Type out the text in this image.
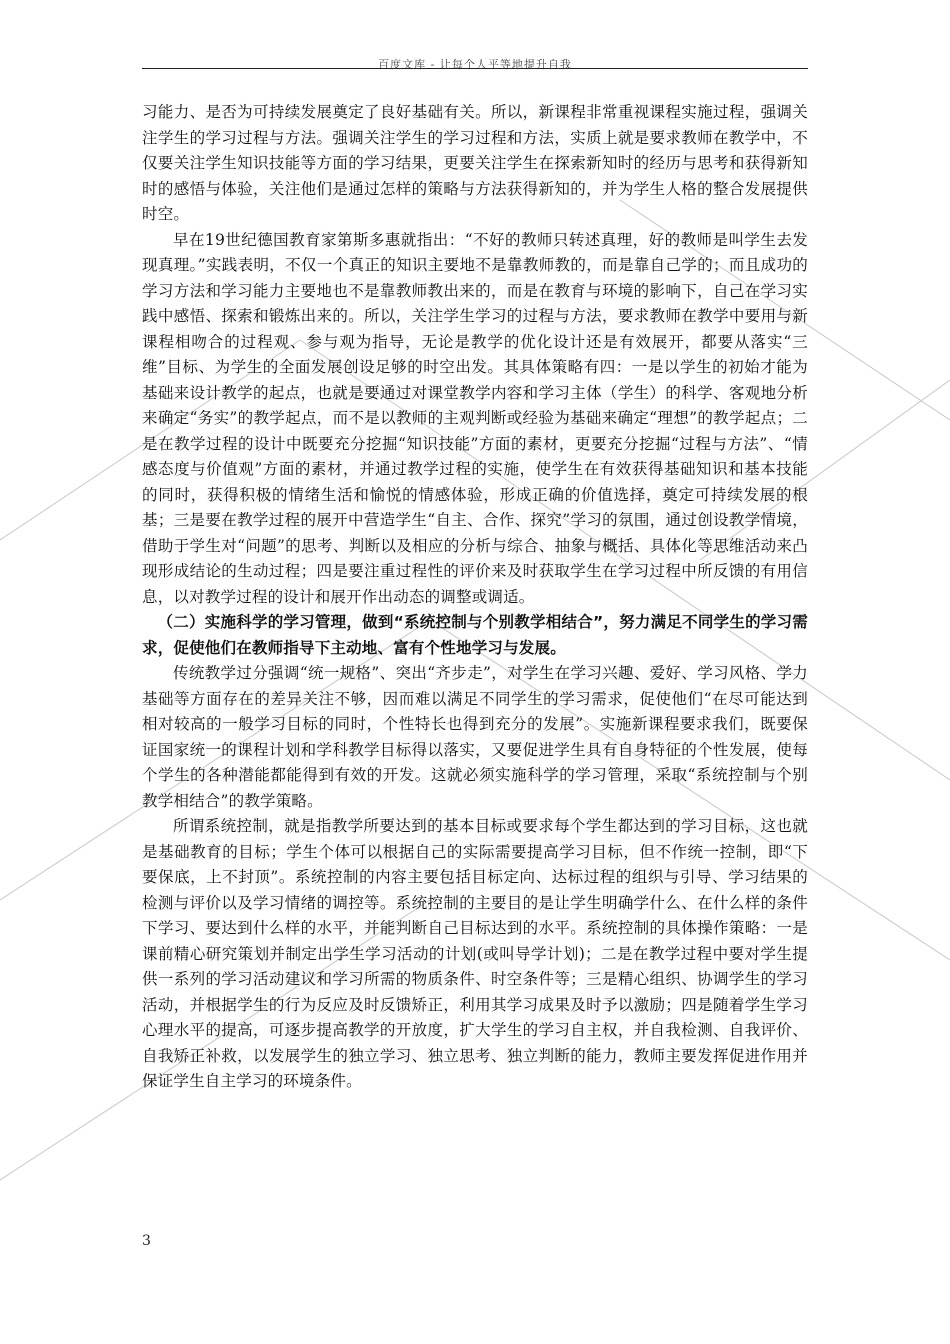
百度文库 - 让每个人平等地提升自我

习能力、是否为可持续发展奠定了良好基础有关。所以，新课程非常重视课程实施过程，强调关注学生的学习过程与方法。强调关注学生的学习过程和方法，实质上就是要求教师在教学中，不仅要关注学生知识技能等方面的学习结果，更要关注学生在探索新知时的经历与思考和获得新知时的感悟与体验，关注他们是通过怎样的策略与方法获得新知的，并为学生人格的整合发展提供时空。

早在19世纪德国教育家第斯多惠就指出：“不好的教师只转述真理，好的教师是叫学生去发现真理。”实践表明，不仅一个真正的知识主要地不是靠教师教的，而是靠自己学的；而且成功的学习方法和学习能力主要地也不是靠教师教出来的，而是在教育与环境的影响下，自己在学习实践中感悟、探索和锻炼出来的。所以，关注学生学习的过程与方法，要求教师在教学中要用与新课程相吻合的过程观、参与观为指导，无论是教学的优化设计还是有效展开，都要从落实“三维”目标、为学生的全面发展创设足够的时空出发。其具体策略有四：一是以学生的初始才能为基础来设计教学的起点，也就是要通过对课堂教学内容和学习主体（学生）的科学、客观地分析来确定“务实”的教学起点，而不是以教师的主观判断或经验为基础来确定“理想”的教学起点；二是在教学过程的设计中既要充分挖掘“知识技能”方面的素材，更要充分挖掘“过程与方法”、“情感态度与价值观”方面的素材，并通过教学过程的实施，使学生在有效获得基础知识和基本技能的同时，获得积极的情绪生活和愉悦的情感体验，形成正确的价值选择，奠定可持续发展的根基；三是要在教学过程的展开中营造学生“自主、合作、探究”学习的氛围，通过创设教学情境，借助于学生对“问题”的思考、判断以及相应的分析与综合、抽象与概括、具体化等思维活动来凸现形成结论的生动过程；四是要注重过程性的评价来及时获取学生在学习过程中所反馈的有用信息，以对教学过程的设计和展开作出动态的调整或调适。

（二）实施科学的学习管理，做到“系统控制与个别教学相结合”，努力满足不同学生的学习需求，促使他们在教师指导下主动地、富有个性地学习与发展。

传统教学过分强调“统一规格”、突出“齐步走”，对学生在学习兴趣、爱好、学习风格、学力基础等方面存在的差异关注不够，因而难以满足不同学生的学习需求，促使他们“在尽可能达到相对较高的一般学习目标的同时，个性特长也得到充分的发展”。实施新课程要求我们，既要保证国家统一的课程计划和学科教学目标得以落实，又要促进学生具有自身特征的个性发展，使每个学生的各种潜能都能得到有效的开发。这就必须实施科学的学习管理，采取“系统控制与个别教学相结合”的教学策略。

所谓系统控制，就是指教学所要达到的基本目标或要求每个学生都达到的学习目标，这也就是基础教育的目标；学生个体可以根据自己的实际需要提高学习目标，但不作统一控制，即“下要保底，上不封顶”。系统控制的内容主要包括目标定向、达标过程的组织与引导、学习结果的检测与评价以及学习情绪的调控等。系统控制的主要目的是让学生明确学什么、在什么样的条件下学习、要达到什么样的水平，并能判断自己目标达到的水平。系统控制的具体操作策略：一是课前精心研究策划并制定出学生学习活动的计划(或叫导学计划)；二是在教学过程中要对学生提供一系列的学习活动建议和学习所需的物质条件、时空条件等；三是精心组织、协调学生的学习活动，并根据学生的行为反应及时反馈矫正，利用其学习成果及时予以激励；四是随着学生学习心理水平的提高，可逐步提高教学的开放度，扩大学生的学习自主权，并自我检测、自我评价、自我矫正补救，以发展学生的独立学习、独立思考、独立判断的能力，教师主要发挥促进作用并保证学生自主学习的环境条件。

3
